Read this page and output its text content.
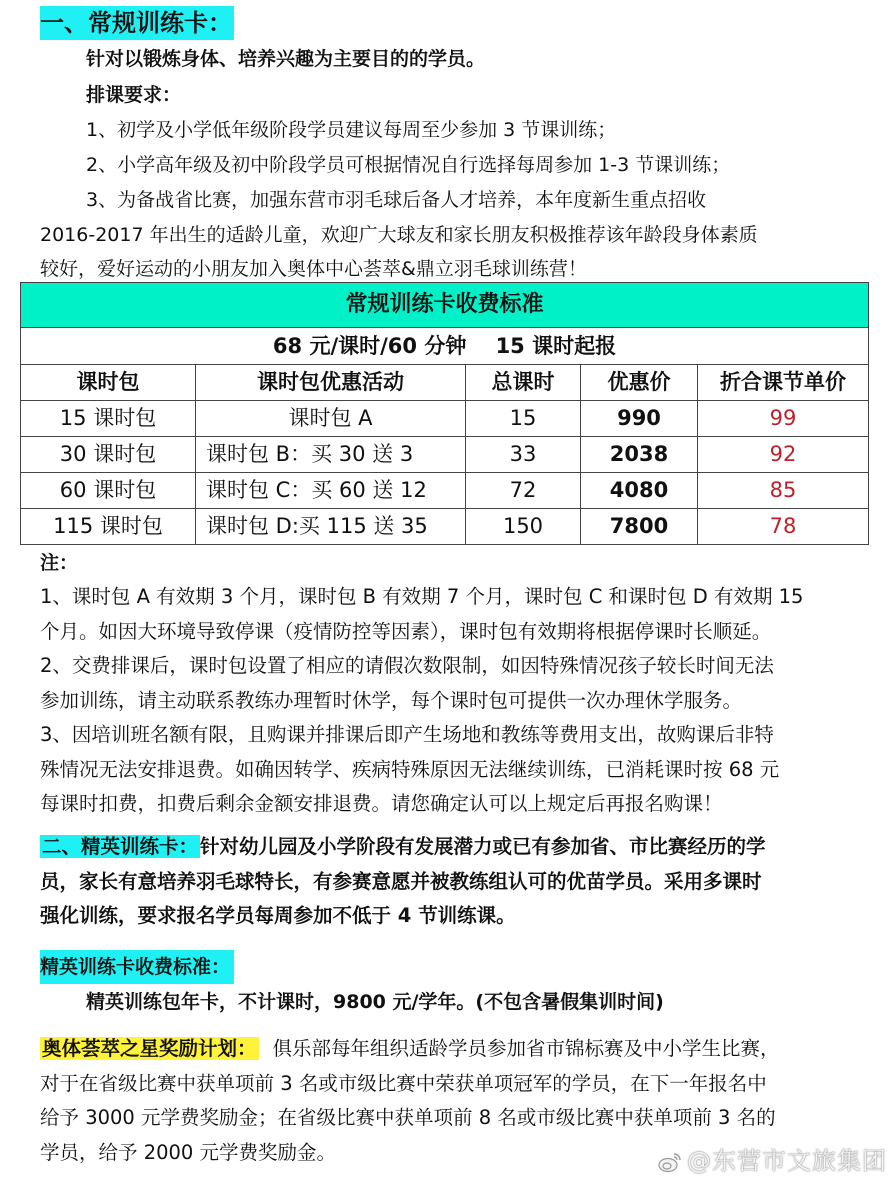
一、常规训练卡：
针对以锻炼身体、培养兴趣为主要目的的学员。
排课要求：
1、初学及小学低年级阶段学员建议每周至少参加 3 节课训练；
2、小学高年级及初中阶段学员可根据情况自行选择每周参加 1-3 节课训练；
3、为备战省比赛，加强东营市羽毛球后备人才培养，本年度新生重点招收
2016-2017 年出生的适龄儿童，欢迎广大球友和家长朋友积极推荐该年龄段身体素质
较好，爱好运动的小朋友加入奥体中心荟萃&鼎立羽毛球训练营！
常规训练卡收费标准				
68 元/课时/60 分钟    15 课时起报				
课时包	课时包优惠活动	总课时	优惠价	折合课节单价
15 课时包	课时包 A	15	990	99
30 课时包	课时包 B：买 30 送 3	33	2038	92
60 课时包	课时包 C：买 60 送 12	72	4080	85
115 课时包	课时包 D:买 115 送 35	150	7800	78
注：
1、课时包 A 有效期 3 个月，课时包 B 有效期 7 个月，课时包 C 和课时包 D 有效期 15
个月。如因大环境导致停课（疫情防控等因素），课时包有效期将根据停课时长顺延。
2、交费排课后，课时包设置了相应的请假次数限制，如因特殊情况孩子较长时间无法
参加训练，请主动联系教练办理暂时休学，每个课时包可提供一次办理休学服务。
3、因培训班名额有限，且购课并排课后即产生场地和教练等费用支出，故购课后非特
殊情况无法安排退费。如确因转学、疾病特殊原因无法继续训练，已消耗课时按 68 元
每课时扣费，扣费后剩余金额安排退费。请您确定认可以上规定后再报名购课！
二、精英训练卡： 针对幼儿园及小学阶段有发展潜力或已有参加省、市比赛经历的学
员，家长有意培养羽毛球特长，有参赛意愿并被教练组认可的优苗学员。采用多课时
强化训练，要求报名学员每周参加不低于 4 节训练课。
精英训练卡收费标准：
精英训练包年卡，不计课时，9800 元/学年。(不包含暑假集训时间)
奥体荟萃之星奖励计划： 俱乐部每年组织适龄学员参加省市锦标赛及中小学生比赛，
对于在省级比赛中获单项前 3 名或市级比赛中荣获单项冠军的学员，在下一年报名中
给予 3000 元学费奖励金；在省级比赛中获单项前 8 名或市级比赛中获单项前 3 名的
学员，给予 2000 元学费奖励金。	@东营市文旅集团
